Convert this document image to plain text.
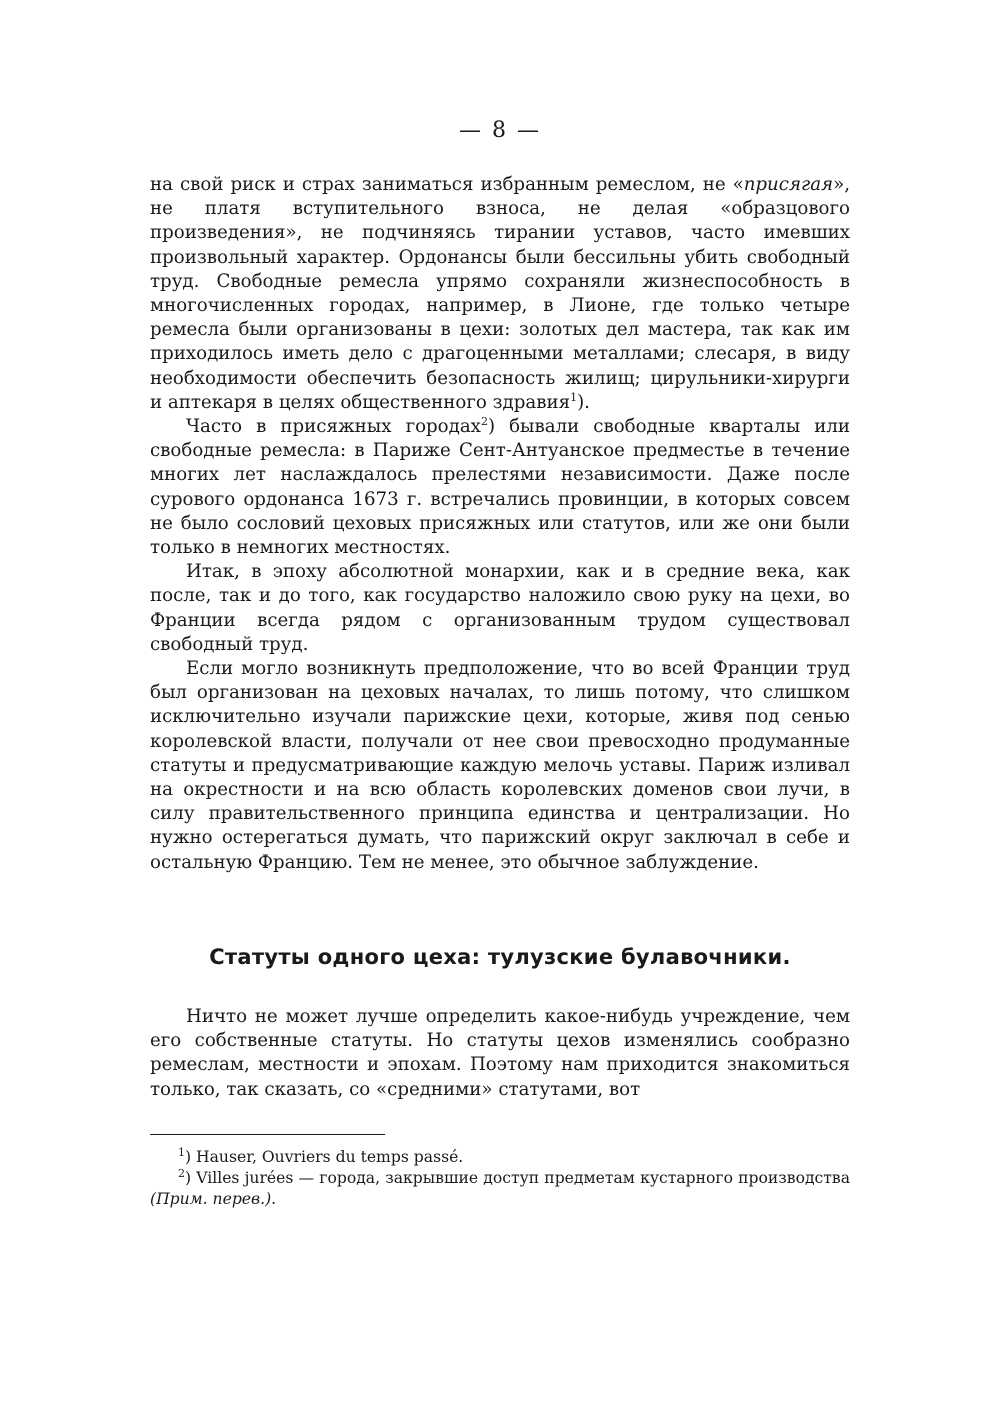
— 8 —

на свой риск и страх заниматься избранным ремеслом, не «присягая», не платя вступительного взноса, не делая «образцового произведения», не подчиняясь тирании уставов, часто имевших произвольный характер. Ордонансы были бессильны убить свободный труд. Свободные ремесла упрямо сохраняли жизнеспособность в многочисленных городах, например, в Лионе, где только четыре ремесла были организованы в цехи: золотых дел мастера, так как им приходилось иметь дело с драгоценными металлами; слесаря, в виду необходимости обеспечить безопасность жилищ; цирульники-хирурги и аптекаря в целях общественного здравия$^1$).

Часто в присяжных городах$^2$) бывали свободные кварталы или свободные ремесла: в Париже Сент-Антуанское предместье в течение многих лет наслаждалось прелестями независимости. Даже после сурового ордонанса 1673 г. встречались провинции, в которых совсем не было сословий цеховых присяжных или статутов, или же они были только в немногих местностях.

Итак, в эпоху абсолютной монархии, как и в средние века, как после, так и до того, как государство наложило свою руку на цехи, во Франции всегда рядом с организованным трудом существовал свободный труд.

Если могло возникнуть предположение, что во всей Франции труд был организован на цеховых началах, то лишь потому, что слишком исключительно изучали парижские цехи, которые, живя под сенью королевской власти, получали от нее свои превосходно продуманные статуты и предусматривающие каждую мелочь уставы. Париж изливал на окрестности и на всю область королевских доменов свои лучи, в силу правительственного принципа единства и централизации. Но нужно остерегаться думать, что парижский округ заключал в себе и остальную Францию. Тем не менее, это обычное заблуждение.

Статуты одного цеха: тулузские булавочники.

Ничто не может лучше определить какое-нибудь учреждение, чем его собственные статуты. Но статуты цехов изменялись сообразно ремеслам, местности и эпохам. Поэтому нам приходится знакомиться только, так сказать, со «средними» статутами, вот

$^1$) Hauser, Ouvriers du temps passé.

$^2$) Villes jurées — города, закрывшие доступ предметам кустарного производства (Прим. перев.).
